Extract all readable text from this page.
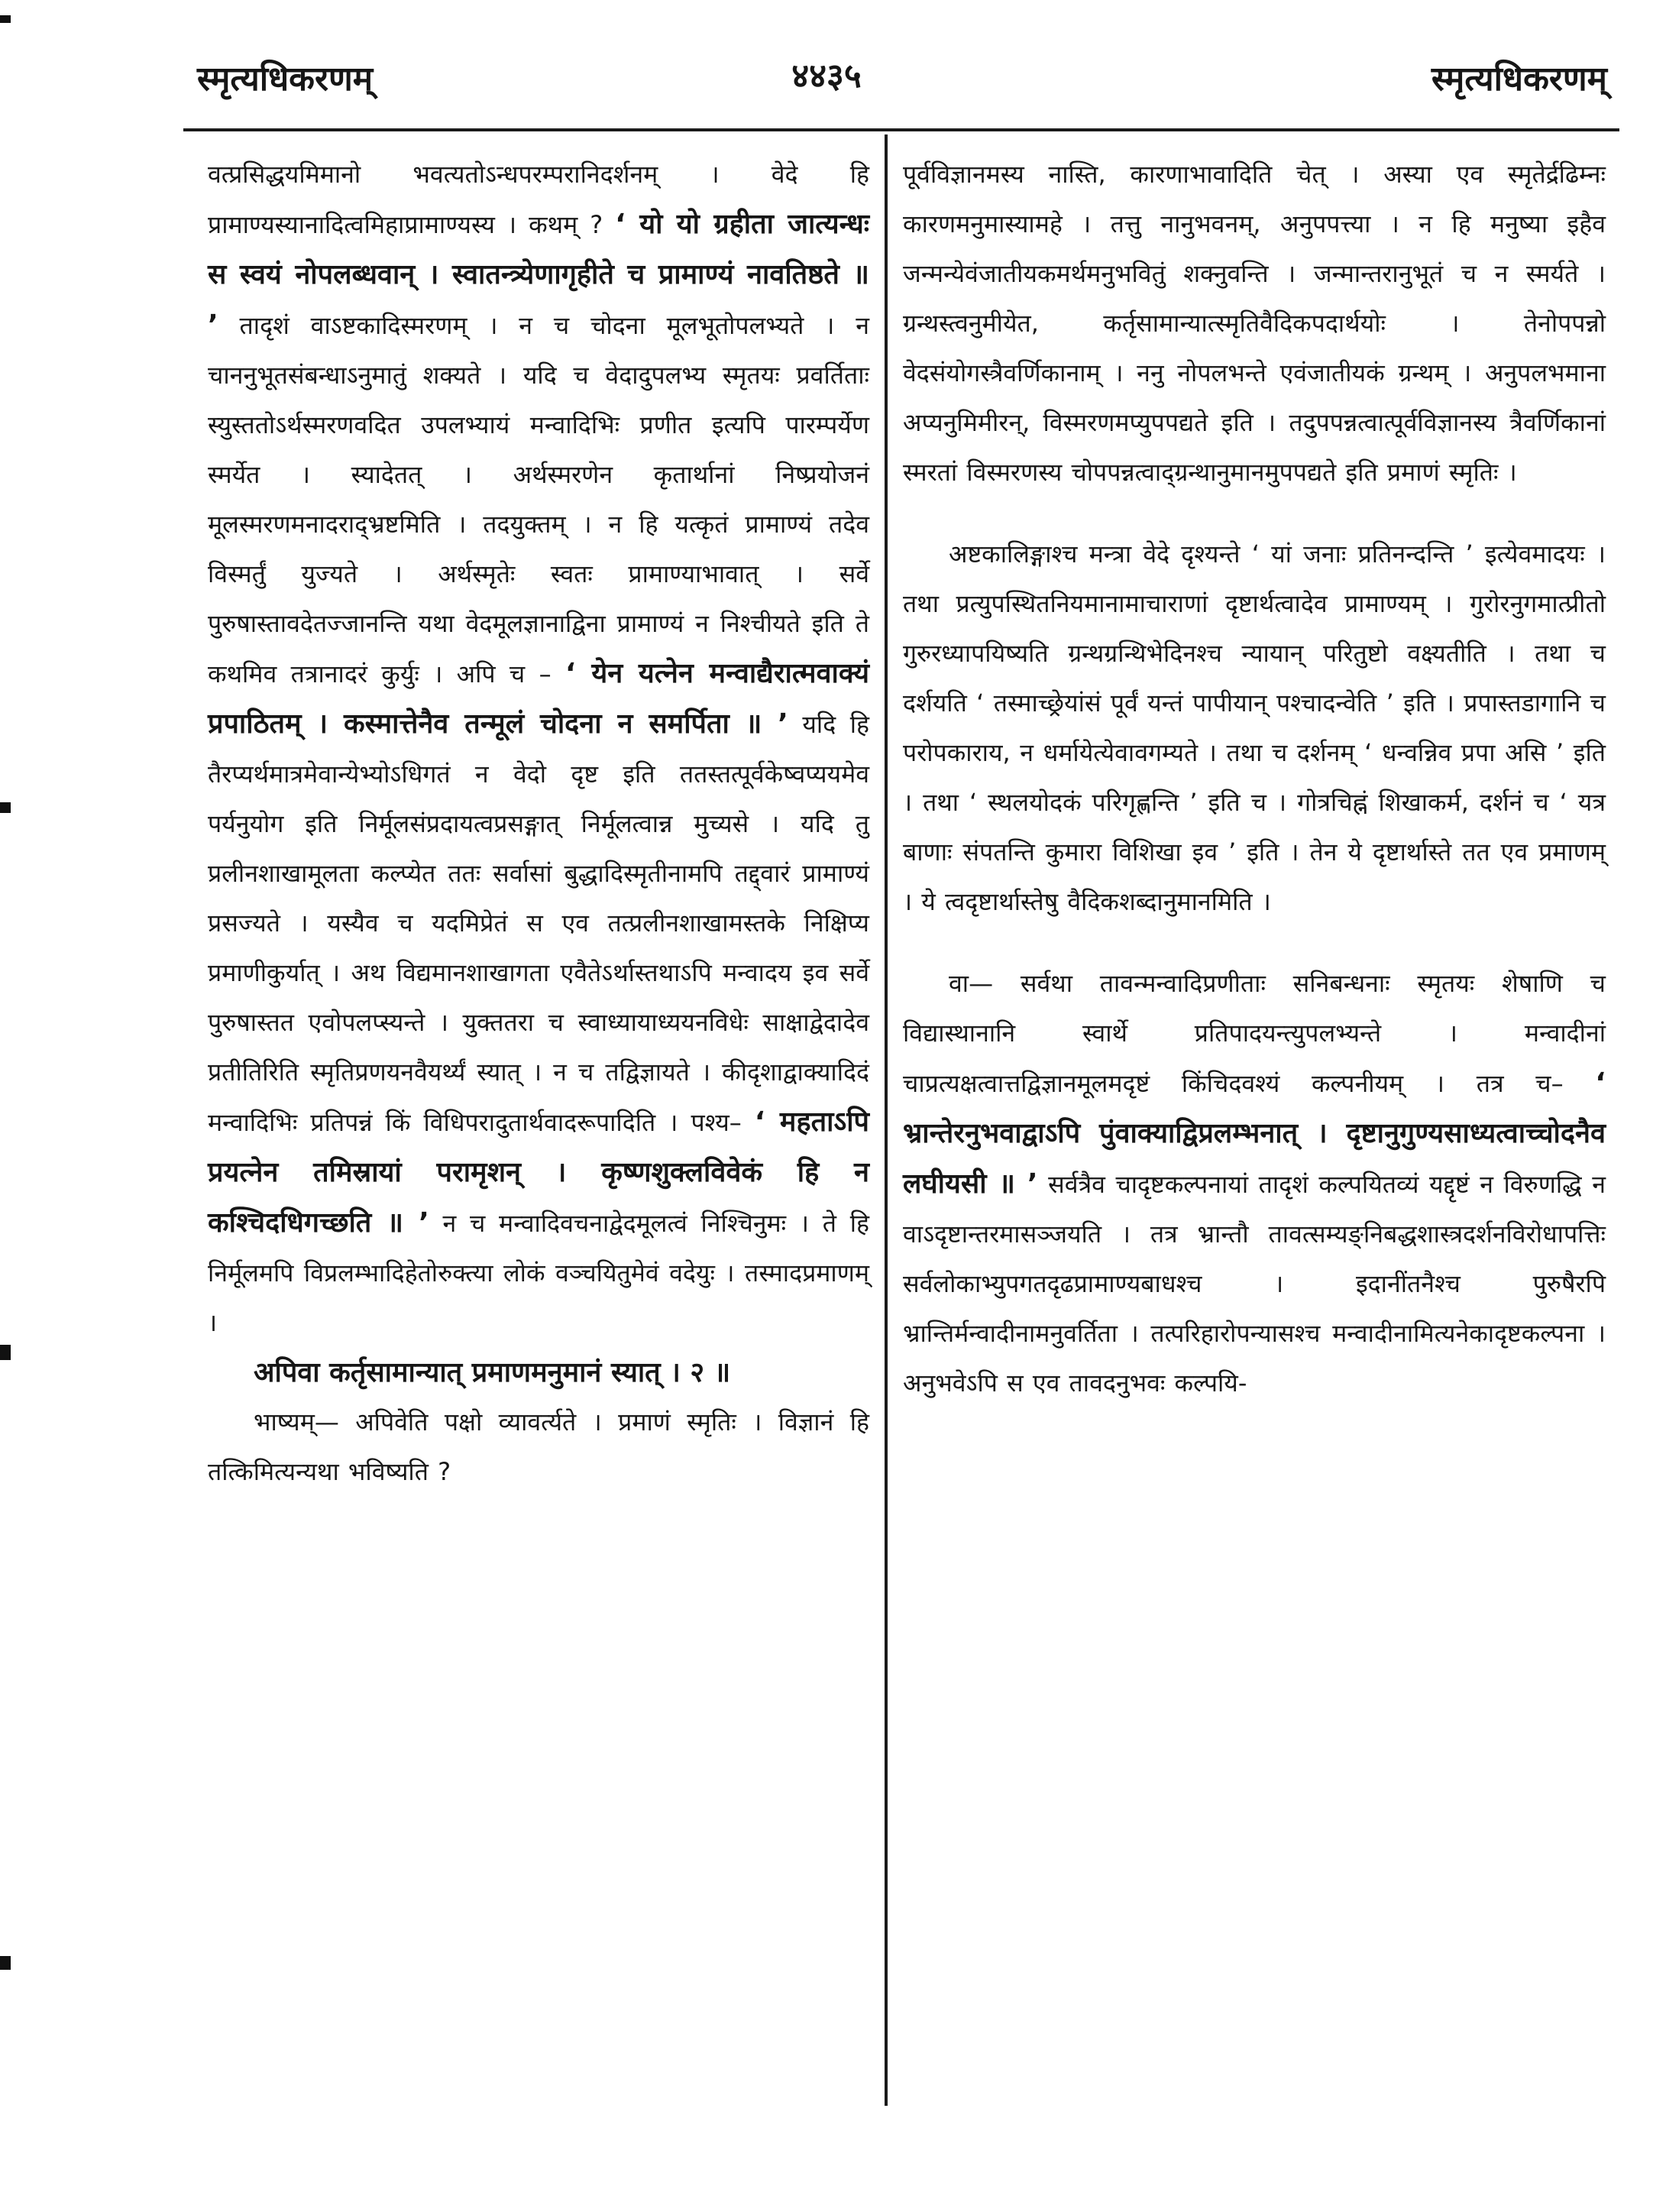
स्मृत्यधिकरणम्	४४३५	स्मृत्यधिकरणम्

वत्प्रसिद्धयमिमानो भवत्यतोऽन्धपरम्परानिदर्शनम् । वेदे हि प्रामाण्यस्यानादित्वमिहाप्रामाण्यस्य । कथम् ? ‘ यो यो ग्रहीता जात्यन्धः स स्वयं नोपलब्धवान् । स्वातन्त्र्येणागृहीते च प्रामाण्यं नावतिष्ठते ॥ ’ तादृशं वाऽष्टकादिस्मरणम् । न च चोदना मूलभूतोपलभ्यते । न चाननुभूतसंबन्धाऽनुमातुं शक्यते । यदि च वेदादुपलभ्य स्मृतयः प्रवर्तिताः स्युस्ततोऽर्थस्मरणवदित उपलभ्यायं मन्वादिभिः प्रणीत इत्यपि पारम्पर्येण स्मर्येत । स्यादेतत् । अर्थस्मरणेन कृतार्थानां निष्प्रयोजनं मूलस्मरणमनादराद्भ्रष्टमिति । तदयुक्तम् । न हि यत्कृतं प्रामाण्यं तदेव विस्मर्तुं युज्यते । अर्थस्मृतेः स्वतः प्रामाण्याभावात् । सर्वे पुरुषास्तावदेतज्जानन्ति यथा वेदमूलज्ञानाद्विना प्रामाण्यं न निश्चीयते इति ते कथमिव तत्रानादरं कुर्युः । अपि च – ‘ येन यत्नेन मन्वाद्यैरात्मवाक्यं प्रपाठितम् । कस्मात्तेनैव तन्मूलं चोदना न समर्पिता ॥ ’ यदि हि तैरप्यर्थमात्रमेवान्येभ्योऽधिगतं न वेदो दृष्ट इति ततस्तत्पूर्वकेष्वप्ययमेव पर्यनुयोग इति निर्मूलसंप्रदायत्वप्रसङ्गात् निर्मूलत्वान्न मुच्यसे । यदि तु प्रलीनशाखामूलता कल्प्येत ततः सर्वासां बुद्धादिस्मृतीनामपि तद्द्वारं प्रामाण्यं प्रसज्यते । यस्यैव च यदमिप्रेतं स एव तत्प्रलीनशाखामस्तके निक्षिप्य प्रमाणीकुर्यात् । अथ विद्यमानशाखागता एवैतेऽर्थास्तथाऽपि मन्वादय इव सर्वे पुरुषास्तत एवोपलप्स्यन्ते । युक्ततरा च स्वाध्यायाध्ययनविधेः साक्षाद्वेदादेव प्रतीतिरिति स्मृतिप्रणयनवैयर्थ्यं स्यात् । न च तद्विज्ञायते । कीदृशाद्वाक्यादिदं मन्वादिभिः प्रतिपन्नं किं विधिपरादुतार्थवादरूपादिति । पश्य– ‘ महताऽपि प्रयत्नेन तमिस्रायां परामृशन् । कृष्णशुक्लविवेकं हि न कश्चिदधिगच्छति ॥ ’ न च मन्वादिवचनाद्वेदमूलत्वं निश्चिनुमः । ते हि निर्मूलमपि विप्रलम्भादिहेतोरुक्त्या लोकं वञ्चयितुमेवं वदेयुः । तस्मादप्रमाणम् ।

अपिवा कर्तृसामान्यात् प्रमाणमनुमानं स्यात् । २ ॥

भाष्यम्— अपिवेति पक्षो व्यावर्त्यते । प्रमाणं स्मृतिः । विज्ञानं हि तत्किमित्यन्यथा भविष्यति ?

पूर्वविज्ञानमस्य नास्ति, कारणाभावादिति चेत् । अस्या एव स्मृतेर्द्रढिम्नः कारणमनुमास्यामहे । तत्तु नानुभवनम्, अनुपपत्त्या । न हि मनुष्या इहैव जन्मन्येवंजातीयकमर्थमनुभवितुं शक्नुवन्ति । जन्मान्तरानुभूतं च न स्मर्यते । ग्रन्थस्त्वनुमीयेत, कर्तृसामान्यात्स्मृतिवैदिकपदार्थयोः । तेनोपपन्नो वेदसंयोगस्त्रैवर्णिकानाम् । ननु नोपलभन्ते एवंजातीयकं ग्रन्थम् । अनुपलभमाना अप्यनुमिमीरन्, विस्मरणमप्युपपद्यते इति । तदुपपन्नत्वात्पूर्वविज्ञानस्य त्रैवर्णिकानां स्मरतां विस्मरणस्य चोपपन्नत्वाद्ग्रन्थानुमानमुपपद्यते इति प्रमाणं स्मृतिः ।

अष्टकालिङ्गाश्च मन्त्रा वेदे दृश्यन्ते ‘ यां जनाः प्रतिनन्दन्ति ’ इत्येवमादयः । तथा प्रत्युपस्थितनियमानामाचाराणां दृष्टार्थत्वादेव प्रामाण्यम् । गुरोरनुगमात्प्रीतो गुरुरध्यापयिष्यति ग्रन्थग्रन्थिभेदिनश्च न्यायान् परितुष्टो वक्ष्यतीति । तथा च दर्शयति ‘ तस्माच्छ्रेयांसं पूर्वं यन्तं पापीयान् पश्चादन्वेति ’ इति । प्रपास्तडागानि च परोपकाराय, न धर्मायेत्येवावगम्यते । तथा च दर्शनम् ‘ धन्वन्निव प्रपा असि ’ इति । तथा ‘ स्थलयोदकं परिगृह्णन्ति ’ इति च । गोत्रचिह्नं शिखाकर्म, दर्शनं च ‘ यत्र बाणाः संपतन्ति कुमारा विशिखा इव ’ इति । तेन ये दृष्टार्थास्ते तत एव प्रमाणम् । ये त्वदृष्टार्थास्तेषु वैदिकशब्दानुमानमिति ।

वा— सर्वथा तावन्मन्वादिप्रणीताः सनिबन्धनाः स्मृतयः शेषाणि च विद्यास्थानानि स्वार्थे प्रतिपादयन्त्युपलभ्यन्ते । मन्वादीनां चाप्रत्यक्षत्वात्तद्विज्ञानमूलमदृष्टं किंचिदवश्यं कल्पनीयम् । तत्र च– ‘ भ्रान्तेरनुभवाद्वाऽपि पुंवाक्याद्विप्रलम्भनात् । दृष्टानुगुण्यसाध्यत्वाच्चोदनैव लघीयसी ॥ ’ सर्वत्रैव चादृष्टकल्पनायां तादृशं कल्पयितव्यं यद्दृष्टं न विरुणद्धि न वाऽदृष्टान्तरमासञ्जयति । तत्र भ्रान्तौ तावत्सम्यङ्निबद्धशास्त्रदर्शनविरोधापत्तिः सर्वलोकाभ्युपगतदृढप्रामाण्यबाधश्च । इदानींतनैश्च पुरुषैरपि भ्रान्तिर्मन्वादीनामनुवर्तिता । तत्परिहारोपन्यासश्च मन्वादीनामित्यनेकादृष्टकल्पना । अनुभवेऽपि स एव तावदनुभवः कल्पयि-
